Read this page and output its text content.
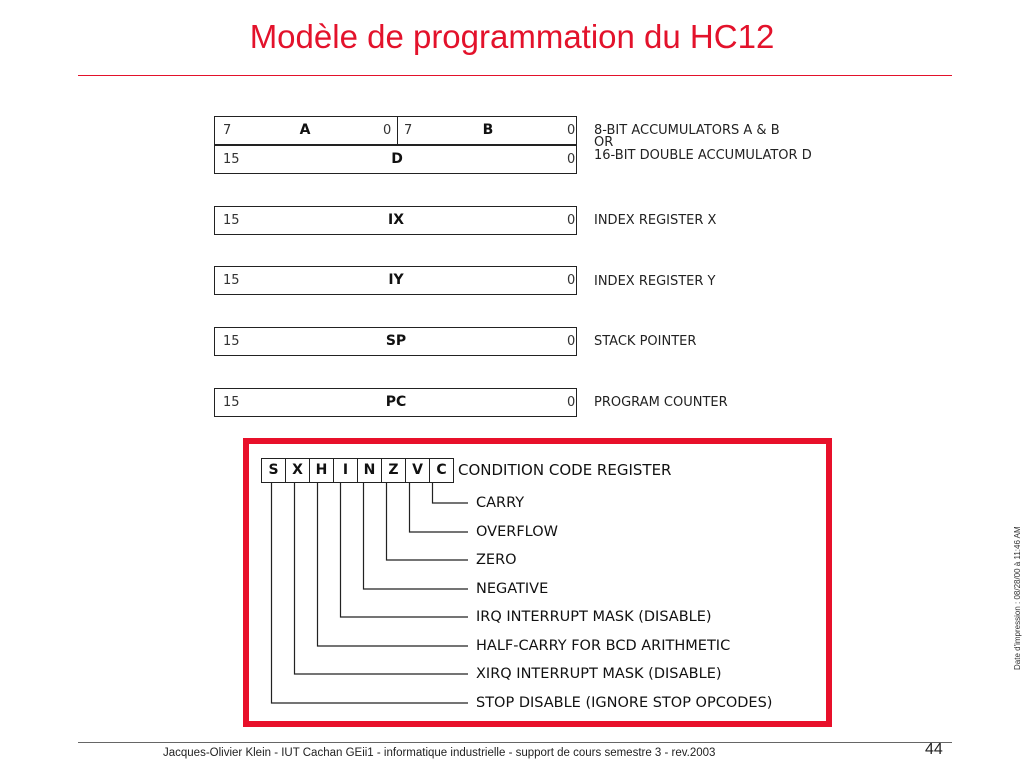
Modèle de programmation du HC12
7	A	0 7	B	0
15	D	0
8-BIT ACCUMULATORS A & B
OR
16-BIT DOUBLE ACCUMULATOR D
15	IX	0 INDEX REGISTER X
15	IY	0 INDEX REGISTER Y
15	SP	0 STACK POINTER
15	PC	0 PROGRAM COUNTER
S X H	I	N Z V C CONDITION CODE REGISTER
CARRY
OVERFLOW
ZERO
NEGATIVE
IRQ INTERRUPT MASK (DISABLE)
HALF-CARRY FOR BCD ARITHMETIC
XIRQ INTERRUPT MASK (DISABLE)
STOP DISABLE (IGNORE STOP OPCODES)
Date d'impression : 08/28/00 à 11:46 AM
Jacques-Olivier Klein - IUT Cachan GEii1 - informatique industrielle - support de cours semestre 3 - rev.2003	44
